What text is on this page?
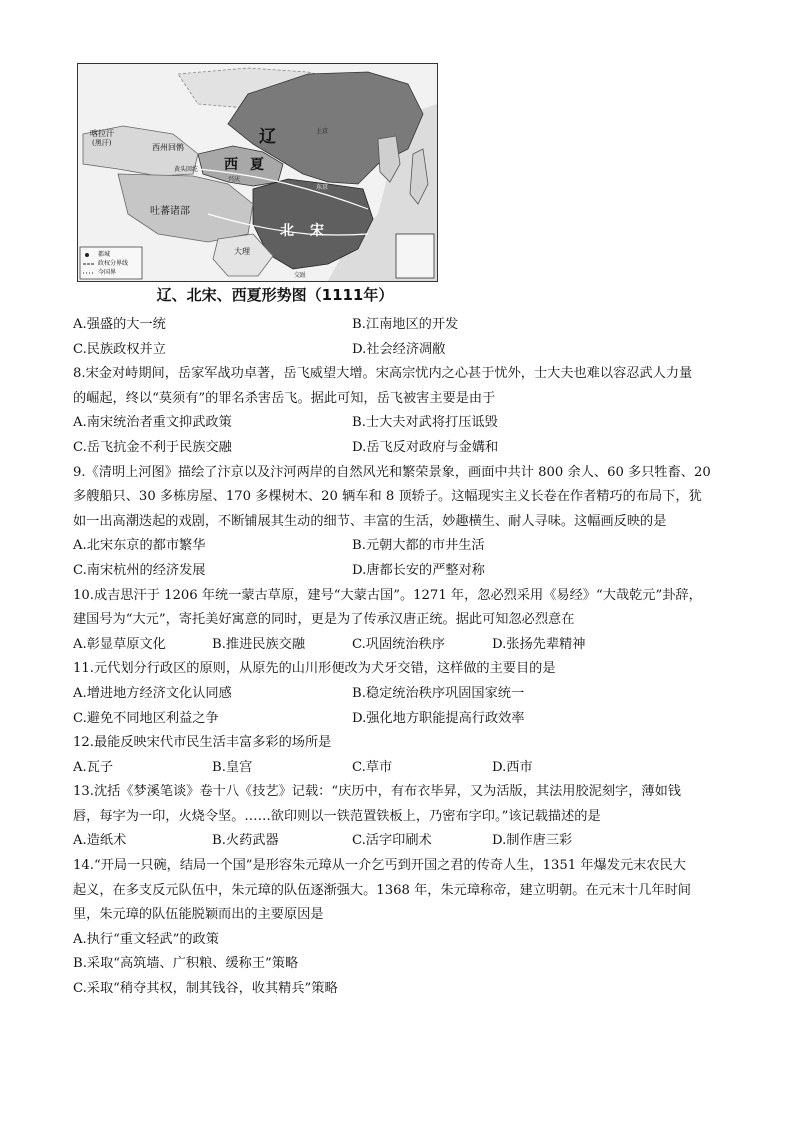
辽
西 夏
北 宋
喀拉汗
(黑汗)	西州回鹘
吐蕃诸部
大理
上京
东京
兴庆
交趾
黄头回纥
都城
政权分界线
今国界
辽、北宋、西夏形势图（1111年）
A.强盛的大一统	B.江南地区的开发
C.民族政权并立	D.社会经济凋敝
8.宋金对峙期间，岳家军战功卓著，岳飞威望大增。宋高宗忧内之心甚于忧外，士大夫也难以容忍武人力量
的崛起，终以“莫须有”的罪名杀害岳飞。据此可知，岳飞被害主要是由于
A.南宋统治者重文抑武政策	B.士大夫对武将打压诋毁
C.岳飞抗金不利于民族交融	D.岳飞反对政府与金媾和
9.《清明上河图》描绘了汴京以及汴河两岸的自然风光和繁荣景象，画面中共计 800 余人、60 多只牲畜、20
多艘船只、30 多栋房屋、170 多棵树木、20 辆车和 8 顶轿子。这幅现实主义长卷在作者精巧的布局下，犹
如一出高潮迭起的戏剧，不断铺展其生动的细节、丰富的生活，妙趣横生、耐人寻味。这幅画反映的是
A.北宋东京的都市繁华	B.元朝大都的市井生活
C.南宋杭州的经济发展	D.唐都长安的严整对称
10.成吉思汗于 1206 年统一蒙古草原，建号“大蒙古国”。1271 年，忽必烈采用《易经》“大哉乾元”卦辞，
建国号为“大元”，寄托美好寓意的同时，更是为了传承汉唐正统。据此可知忽必烈意在
A.彰显草原文化	B.推进民族交融	C.巩固统治秩序	D.张扬先辈精神
11.元代划分行政区的原则，从原先的山川形便改为犬牙交错，这样做的主要目的是
A.增进地方经济文化认同感	B.稳定统治秩序巩固国家统一
C.避免不同地区利益之争	D.强化地方职能提高行政效率
12.最能反映宋代市民生活丰富多彩的场所是
A.瓦子	B.皇宫	C.草市	D.西市
13.沈括《梦溪笔谈》卷十八《技艺》记载：“庆历中，有布衣毕昇，又为活版，其法用胶泥刻字，薄如钱
唇，每字为一印，火烧令坚。……欲印则以一铁范置铁板上，乃密布字印。”该记载描述的是
A.造纸术	B.火药武器	C.活字印刷术	D.制作唐三彩
14.“开局一只碗，结局一个国”是形容朱元璋从一介乞丐到开国之君的传奇人生，1351 年爆发元末农民大
起义，在多支反元队伍中，朱元璋的队伍逐渐强大。1368 年，朱元璋称帝，建立明朝。在元末十几年时间
里，朱元璋的队伍能脱颖而出的主要原因是
A.执行“重文轻武”的政策
B.采取“高筑墙、广积粮、缓称王”策略
C.采取“稍夺其权，制其钱谷，收其精兵”策略
